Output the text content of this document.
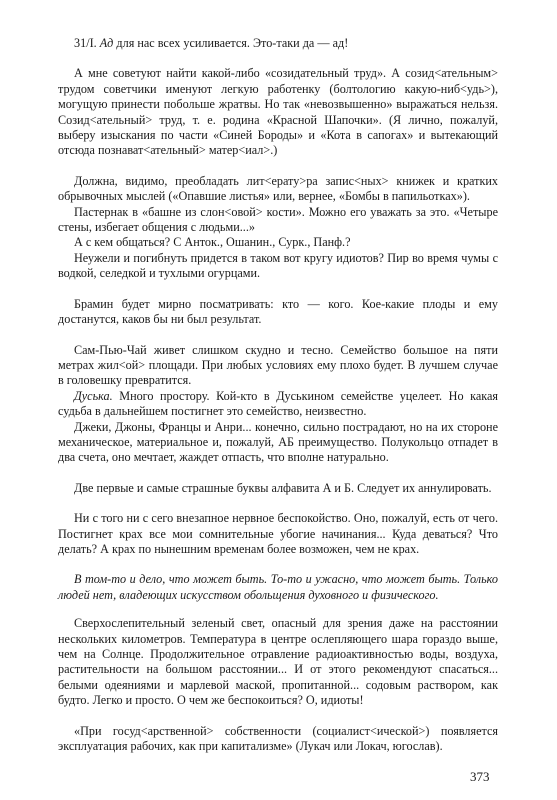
31/I. Ад для нас всех усиливается. Это-таки да — ад!

А мне советуют найти какой-либо «созидательный труд». А созид<ательным> трудом советчики именуют легкую работенку (болтологию какую-ниб<удь>), могущую принести побольше жратвы. Но так «невозвышенно» выражаться нельзя. Созид<ательный> труд, т. е. родина «Красной Шапочки». (Я лично, пожалуй, выберу изыскания по части «Синей Бороды» и «Кота в сапогах» и вытекающий отсюда познават<ательный> матер<иал>.)

Должна, видимо, преобладать лит<ерату>ра запис<ных> книжек и кратких обрывочных мыслей («Опавшие листья» или, вернее, «Бомбы в папильотках»).

Пастернак в «башне из слон<овой> кости». Можно его уважать за это. «Четыре стены, избегает общения с людьми...»

А с кем общаться? С Анток., Ошанин., Сурк., Панф.?

Неужели и погибнуть придется в таком вот кругу идиотов? Пир во время чумы с водкой, селедкой и тухлыми огурцами.

Брамин будет мирно посматривать: кто — кого. Кое-какие плоды и ему достанутся, каков бы ни был результат.

Сам-Пью-Чай живет слишком скудно и тесно. Семейство большое на пяти метрах жил<ой> площади. При любых условиях ему плохо будет. В лучшем случае в головешку превратится.

Дуська. Много простору. Кой-кто в Дуськином семействе уцелеет. Но какая судьба в дальнейшем постигнет это семейство, неизвестно.

Джеки, Джоны, Францы и Анри... конечно, сильно пострадают, но на их стороне механическое, материальное и, пожалуй, АБ преимущество. Полукольцо отпадет в два счета, оно мечтает, жаждет отпасть, что вполне натурально.

Две первые и самые страшные буквы алфавита А и Б. Следует их аннулировать.

Ни с того ни с сего внезапное нервное беспокойство. Оно, пожалуй, есть от чего. Постигнет крах все мои сомнительные убогие начинания... Куда деваться? Что делать? А крах по нынешним временам более возможен, чем не крах.

В том-то и дело, что может быть. То-то и ужасно, что может быть. Только людей нет, владеющих искусством обольщения духовного и физического.

Сверхослепительный зеленый свет, опасный для зрения даже на расстоянии нескольких километров. Температура в центре ослепляющего шара гораздо выше, чем на Солнце. Продолжительное отравление радиоактивностью воды, воздуха, растительности на большом расстоянии... И от этого рекомендуют спасаться... белыми одеяниями и марлевой маской, пропитанной... содовым раствором, как будто. Легко и просто. О чем же беспокоиться? О, идиоты!

«При госуд<арственной> собственности (социалист<ической>) появляется эксплуатация рабочих, как при капитализме» (Лукач или Локач, югослав).

373
